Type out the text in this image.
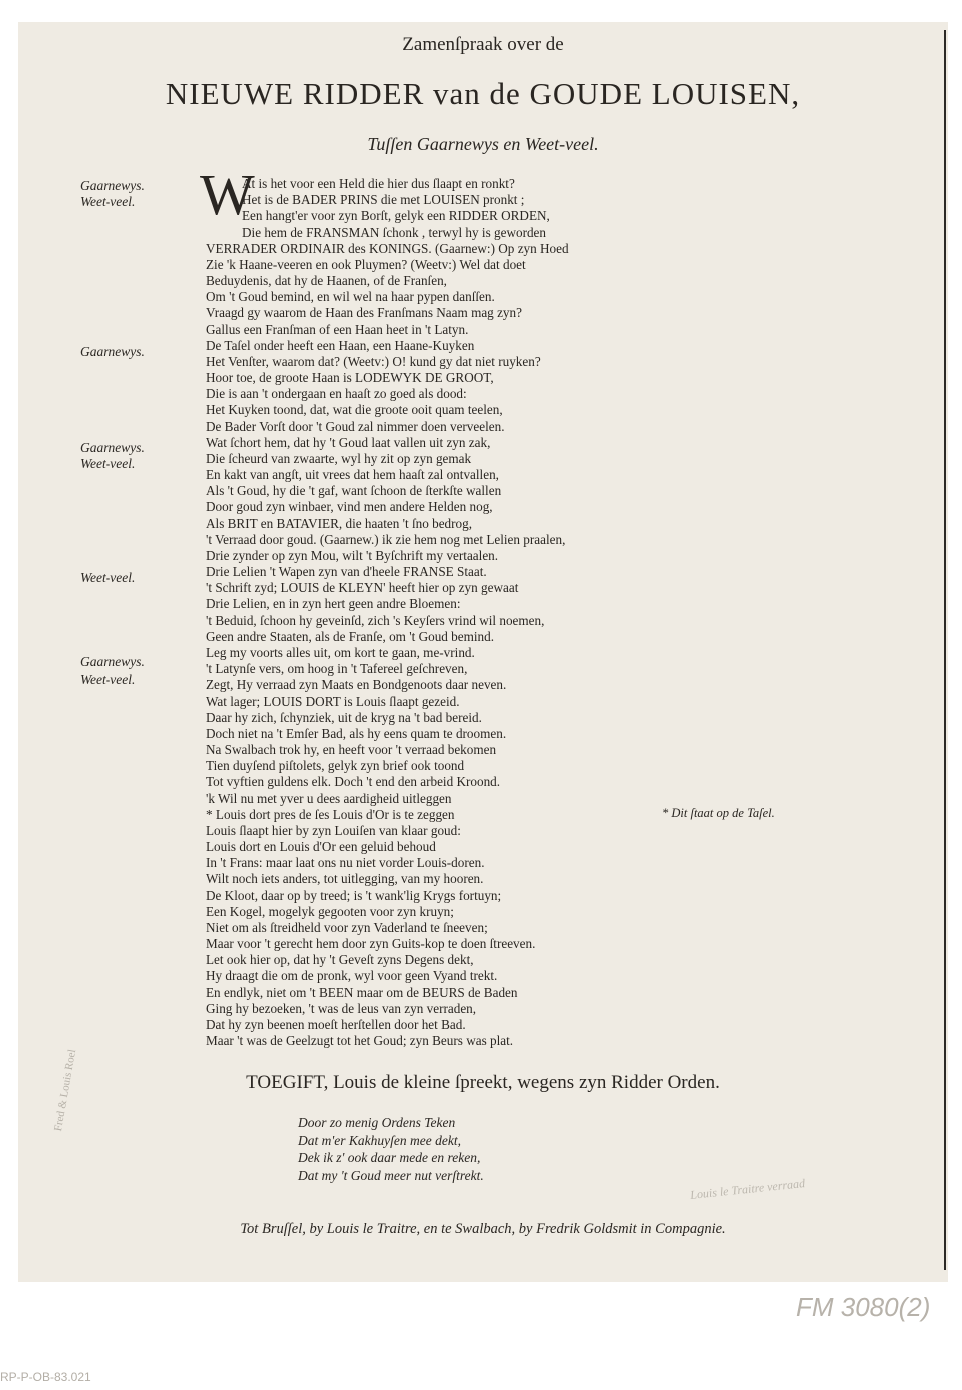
Zamenſpraak over de
NIEUWE RIDDER van de GOUDE LOUISEN,
Tuſſen Gaarnewys en Weet-veel.
Gaarnewys.
Weet-veel.
Gaarnewys.
Gaarnewys.
Weet-veel.
Weet-veel.
Gaarnewys.
Weet-veel.
W
At is het voor een Held die hier dus ſlaapt en ronkt?
Het is de BADER PRINS die met LOUISEN pronkt ;
Een hangt'er voor zyn Borſt, gelyk een RIDDER ORDEN,
Die hem de FRANSMAN ſchonk , terwyl hy is geworden
VERRADER ORDINAIR des KONINGS. (Gaarnew:) Op zyn Hoed
Zie 'k Haane-veeren en ook Pluymen? (Weetv:) Wel dat doet
Beduydenis, dat hy de Haanen, of de Franſen,
Om 't Goud bemind, en wil wel na haar pypen danſſen.
Vraagd gy waarom de Haan des Franſmans Naam mag zyn?
Gallus een Franſman of een Haan heet in 't Latyn.
De Taſel onder heeft een Haan, een Haane-Kuyken
Het Venſter, waarom dat? (Weetv:) O! kund gy dat niet ruyken?
Hoor toe, de groote Haan is LODEWYK DE GROOT,
Die is aan 't ondergaan en haaſt zo goed als dood:
Het Kuyken toond, dat, wat die groote ooit quam teelen,
De Bader Vorſt door 't Goud zal nimmer doen verveelen.
Wat ſchort hem, dat hy 't Goud laat vallen uit zyn zak,
Die ſcheurd van zwaarte, wyl hy zit op zyn gemak
En kakt van angſt, uit vrees dat hem haaſt zal ontvallen,
Als 't Goud, hy die 't gaf, want ſchoon de ſterkſte wallen
Door goud zyn winbaer, vind men andere Helden nog,
Als BRIT en BATAVIER, die haaten 't ſno bedrog,
't Verraad door goud. (Gaarnew.) ik zie hem nog met Lelien praalen,
Drie zynder op zyn Mou, wilt 't Byſchrift my vertaalen.
Drie Lelien 't Wapen zyn van d'heele FRANSE Staat.
't Schrift zyd; LOUIS de KLEYN' heeft hier op zyn gewaat
Drie Lelien, en in zyn hert geen andre Bloemen:
't Beduid, ſchoon hy geveinſd, zich 's Keyſers vrind wil noemen,
Geen andre Staaten, als de Franſe, om 't Goud bemind.
Leg my voorts alles uit, om kort te gaan, me-vrind.
't Latynſe vers, om hoog in 't Tafereel geſchreven,
Zegt, Hy verraad zyn Maats en Bondgenoots daar neven.
Wat lager; LOUIS DORT is Louis ſlaapt gezeid.
Daar hy zich, ſchynziek, uit de kryg na 't bad bereid.
Doch niet na 't Emſer Bad, als hy eens quam te droomen.
Na Swalbach trok hy, en heeft voor 't verraad bekomen
Tien duyſend piſtolets, gelyk zyn brief ook toond
Tot vyftien guldens elk. Doch 't end den arbeid Kroond.
'k Wil nu met yver u dees aardigheid uitleggen
* Louis dort pres de ſes Louis d'Or is te zeggen
Louis ſlaapt hier by zyn Louiſen van klaar goud:
Louis dort en Louis d'Or een geluid behoud
In 't Frans: maar laat ons nu niet vorder Louis-doren.
Wilt noch iets anders, tot uitlegging, van my hooren.
De Kloot, daar op by treed; is 't wank'lig Krygs fortuyn;
Een Kogel, mogelyk gegooten voor zyn kruyn;
Niet om als ſtreidheld voor zyn Vaderland te ſneeven;
Maar voor 't gerecht hem door zyn Guits-kop te doen ſtreeven.
Let ook hier op, dat hy 't Geveſt zyns Degens dekt,
Hy draagt die om de pronk, wyl voor geen Vyand trekt.
En endlyk, niet om 't BEEN maar om de BEURS de Baden
Ging hy bezoeken, 't was de leus van zyn verraden,
Dat hy zyn beenen moeſt herſtellen door het Bad.
Maar 't was de Geelzugt tot het Goud; zyn Beurs was plat.
* Dit ſtaat op de Taſel.
TOEGIFT, Louis de kleine ſpreekt, wegens zyn Ridder Orden.
Door zo menig Ordens Teken
Dat m'er Kakhuyſen mee dekt,
Dek ik z' ook daar mede en reken,
Dat my 't Goud meer nut verſtrekt.
Tot Bruſſel, by Louis le Traitre, en te Swalbach, by Fredrik Goldsmit in Compagnie.
Fred & Louis Roel
Louis le Traitre verraad
RP-P-OB-83.021
FM 3080(2)
